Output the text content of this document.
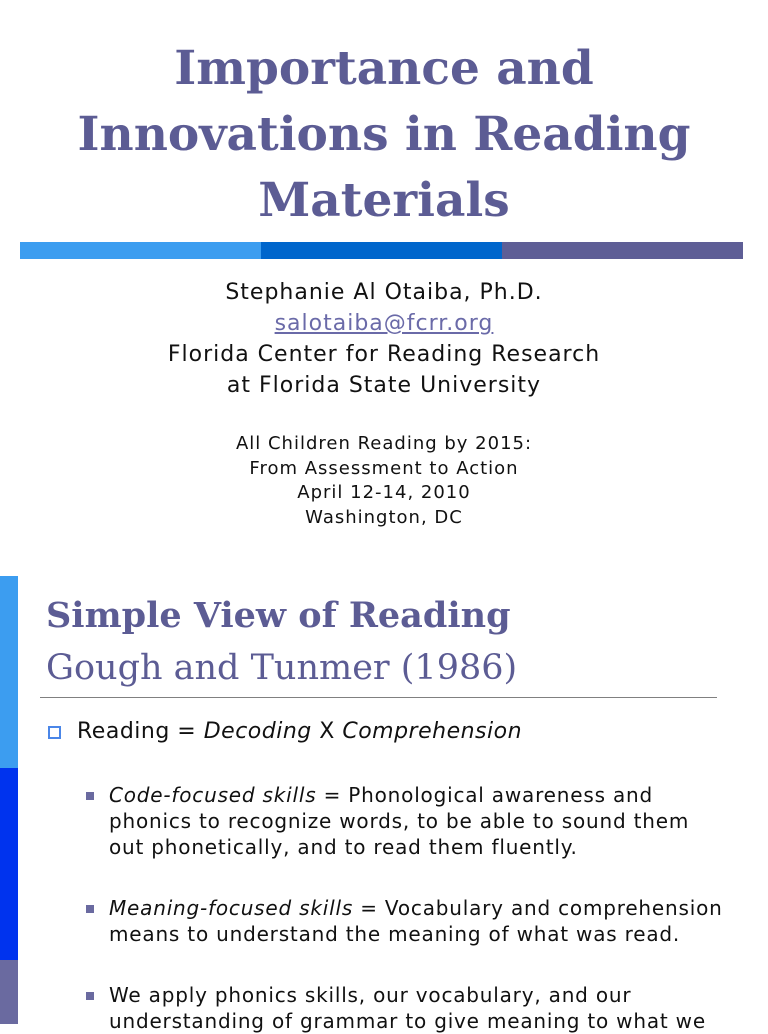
Importance and
Innovations in Reading
Materials
Stephanie Al Otaiba, Ph.D.
salotaiba@fcrr.org
Florida Center for Reading Research
at Florida State University
All Children Reading by 2015:
From Assessment to Action
April 12-14, 2010
Washington, DC
Simple View of Reading
Gough and Tunmer (1986)
Reading = Decoding X Comprehension
Code-focused skills = Phonological awareness and phonics to recognize words, to be able to sound them out phonetically, and to read them fluently.
Meaning-focused skills = Vocabulary and comprehension means to understand the meaning of what was read.
We apply phonics skills, our vocabulary, and our understanding of grammar to give meaning to what we
